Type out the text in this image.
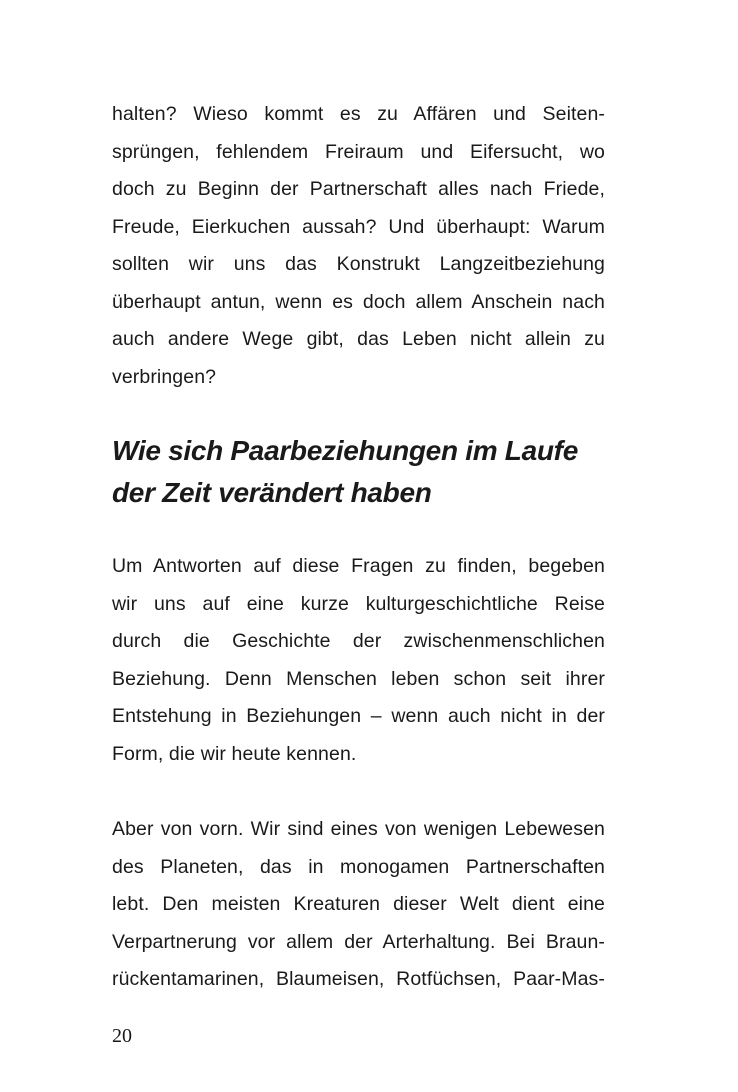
halten? Wieso kommt es zu Affären und Seiten-
sprüngen, fehlendem Freiraum und Eifersucht, wo
doch zu Beginn der Partnerschaft alles nach Friede,
Freude, Eierkuchen aussah? Und überhaupt: Warum
sollten wir uns das Konstrukt Langzeitbeziehung
überhaupt antun, wenn es doch allem Anschein nach
auch andere Wege gibt, das Leben nicht allein zu
verbringen?

Wie sich Paarbeziehungen im Laufe
der Zeit verändert haben

Um Antworten auf diese Fragen zu finden, begeben
wir uns auf eine kurze kulturgeschichtliche Reise
durch die Geschichte der zwischenmenschlichen
Beziehung. Denn Menschen leben schon seit ihrer
Entstehung in Beziehungen – wenn auch nicht in der
Form, die wir heute kennen.

Aber von vorn. Wir sind eines von wenigen Lebewesen
des Planeten, das in monogamen Partnerschaften
lebt. Den meisten Kreaturen dieser Welt dient eine
Verpartnerung vor allem der Arterhaltung. Bei Braun-
rückentamarinen, Blaumeisen, Rotfüchsen, Paar-Mas-

20
